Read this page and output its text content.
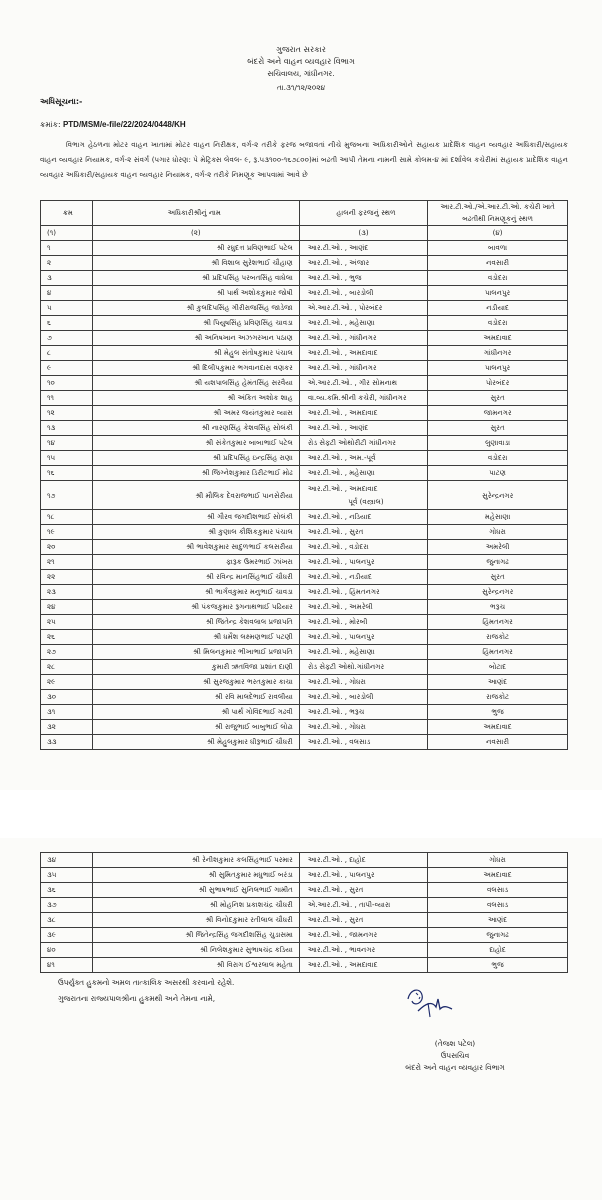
ગુજરાત સરકાર
બંદરો અને વાહન વ્યવહાર વિભાગ
સચિવાલય, ગાંધીનગર.
તા.૩૧/૧૨/૨૦૨૪
અધિસૂચના:-
ક્રમાંક: PTD/MSM/e-file/22/2024/0448/KH
વિભાગ હેઠળના મોટર વાહન ખાતામાં મોટર વાહન નિરીક્ષક, વર્ગ-૨ તરીકે ફરજ બજાવતાં નીચે મુજબના અધિકારીઓને સહાયક પ્રાદેશિક વાહન વ્યવહાર અધિકારી/સહાયક વાહન વ્યવહાર નિયામક, વર્ગ-૨ સંવર્ગ (પગાર ધોરણ: પે મેટ્રિક્સ લેવલ- ૯, રૂ.૫૩૧૦૦-૧૬૭૮૦૦)માં બઢતી આપી તેમના નામની સામે કોલમ-૪ માં દર્શાવેલ કચેરીમાં સહાયક પ્રાદેશિક વાહન વ્યવહાર અધિકારી/સહાયક વાહન વ્યવહાર નિયામક, વર્ગ-૨ તરીકે નિમણૂક આપવામાં આવે છે
ક્રમ	અધિકારીશ્રીનું નામ	હાલની ફરજનું સ્થળ	આર.ટી.ઓ./એ.આર.ટી.ઓ. કચેરી ખાતે બઢતીથી નિમણૂકનું સ્થળ
(૧)	(૨)	(૩)	(૪)
૧	શ્રી રઘુદત્ત પ્રવિણભાઈ પટેલ	આર.ટી.ઓ. , આણંદ	બાવળા
૨	શ્રી વિશાલ સુરેશભાઈ ચૌહાણ	આર.ટી.ઓ. , અંજાર	નવસારી
૩	શ્રી પ્રદિપસિંહ પરબતસિંહ વાઘેલા	આર.ટી.ઓ. , ભુજ	વડોદરા
૪	શ્રી પાર્થ અશોકકુમાર જોષી	આર.ટી.ઓ. , બારડોલી	પાલનપુર
૫	શ્રી કુલદિપસિંહ ગીરીરાજસિંહ જાડેજા	એ.આર.ટી.ઓ. , પોરબંદર	નડીયાદ
૬	શ્રી પિયુષસિંહ પ્રવિણસિંહ ચાવડા	આર.ટી.ઓ. , મહેસાણા	વડોદરા
૭	શ્રી અનિષખાન અઝગરખાન પઠાણ	આર.ટી.ઓ. , ગાંધીનગર	અમદાવાદ
૮	શ્રી મેહુલ સંતોષકુમાર પંચાલ	આર.ટી.ઓ. , અમદાવાદ	ગાંધીનગર
૯	શ્રી દિલીપકુમાર ભગવાનદાસ વણકર	આર.ટી.ઓ. , ગાંધીનગર	પાલનપુર
૧૦	શ્રી યશપાલસિંહ હેમંતસિંહ સરવૈયા	એ.આર.ટી.ઓ. , ગીર સોમનાથ	પોરબંદર
૧૧	શ્રી અંકિત અશોક શાહ	વા.વ્ય.કમિ.શ્રીની કચેરી, ગાંધીનગર	સુરત
૧૨	શ્રી અમર જયંતકુમાર વ્યાસ	આર.ટી.ઓ. , અમદાવાદ	જામનગર
૧૩	શ્રી નારણસિંહ કેશવસિંહ સોલંકી	આર.ટી.ઓ. , આણંદ	સુરત
૧૪	શ્રી સંકેતકુમાર બાબાભાઈ પટેલ	રોડ સેફ્ટી ઓથોરીટી ગાંધીનગર	લુણાવાડા
૧૫	શ્રી પ્રદિપસિંહ ઇન્દ્રસિંહ રાણા	આર.ટી.ઓ. , અમ.-પૂર્વ	વડોદરા
૧૬	શ્રી જિગ્નેશકુમાર ડિરીટભાઈ મોઢ	આર.ટી.ઓ. , મહેસાણા	પાટણ
૧૭	શ્રી મૌલિક દેવરાજભાઈ પાનસેરીયા	આર.ટી.ઓ. , અમદાવાદ
પૂર્વ (વસ્ત્રાલ)	સુરેન્દ્રનગર
૧૮	શ્રી ગૌરવ જગદીશભાઈ સોલંકી	આર.ટી.ઓ. , નડિયાદ	મહેસાણા
૧૯	શ્રી કુણાલ કૌશિકકુમાર પંચાલ	આર.ટી.ઓ. , સુરત	ગોધરા
૨૦	શ્રી ભાવેશકુમાર સાદુળભાઈ કલસરીયા	આર.ટી.ઓ. , વડોદરા	અમરેલી
૨૧	ફારૂક ઉમરભાઈ ઝાંખરા	આર.ટી.ઓ. , પાલનપુર	જુનાગઢ
૨૨	શ્રી રવિન્દ્ર માનસિંહભાઈ ચૌધરી	આર.ટી.ઓ. , નડીયાદ	સુરત
૨૩	શ્રી ભાર્ગવકુમાર મનુભાઈ ચાવડા	આર.ટી.ઓ. , હિંમતનગર	સુરેન્દ્રનગર
૨૪	શ્રી પંકજકુમાર રૂગનાથભાઈ પઢિયાર	આર.ટી.ઓ. , અમરેલી	ભરૂચ
૨૫	શ્રી જિતેન્દ્ર કેશવલાલ પ્રજાપતિ	આર.ટી.ઓ. , મોરબી	હિંમતનગર
૨૬	શ્રી ધર્મેશ લક્ષ્મણભાઈ પટણી	આર.ટી.ઓ. , પાલનપુર	રાજકોટ
૨૭	શ્રી મિલનકુમાર ભીખાભાઈ પ્રજાપતિ	આર.ટી.ઓ. , મહેસાણા	હિંમતનગર
૨૮	કુમારી ઋતવિજા પ્રશાંત દાણી	રોડ સેફ્ટી ઓથો.ગાંધીનગર	બોટાદ
૨૯	શ્રી સુરજકુમાર ભરતકુમાર કાચા	આર.ટી.ઓ. , ગોધરા	આણંદ
૩૦	શ્રી રવિ માલદેભાઈ રાવલીયા	આર.ટી.ઓ. , બારડોલી	રાજકોટ
૩૧	શ્રી પાર્થ ગોવિંદભાઈ ગઢવી	આર.ટી.ઓ. , ભરૂચ	ભુજ
૩૨	શ્રી રાજુભાઈ બાબુભાઈ લોઢા	આર.ટી.ઓ. , ગોધરા	અમદાવાદ
૩૩	શ્રી મેહુલકુમાર ધીરૂભાઈ ચૌધરી	આર.ટી.ઓ. , વલસાડ	નવસારી
૩૪	શ્રી રેનીશકુમાર કલસિંહભાઈ પરમાર	આર.ટી.ઓ. , દાહોદ	ગોધરા
૩૫	શ્રી સુમિતકુમાર મધુભાઈ બરંડા	આર.ટી.ઓ. , પાલનપુર	અમદાવાદ
૩૬	શ્રી સુભાષભાઈ સુનિલભાઈ ગામીત	આર.ટી.ઓ. , સુરત	વલસાડ
૩૭	શ્રી મોહનિશ પ્રકાશચંદ્ર ચૌધરી	એ.આર.ટી.ઓ. , તાપી-વ્યારા	વલસાડ
૩૮	શ્રી વિનોદકુમાર રતીલાલ ચૌધરી	આર.ટી.ઓ. , સુરત	આણંદ
૩૯	શ્રી જિતેન્દ્રસિંહ જગદીશસિંહ ચુડાસમા	આર.ટી.ઓ. , જામનગર	જુનાગઢ
૪૦	શ્રી નિલેશકુમાર સુભાષચંદ્ર કડિયા	આર.ટી.ઓ. , ભાવનગર	દાહોદ
૪૧	શ્રી વિરાગ ઈશ્વરલાલ મહેતા	આર.ટી.ઓ. , અમદાવાદ	ભુજ
ઉપર્યુક્ત હુકમનો અમલ તાત્કાલિક અસરથી કરવાનો રહેશે.
ગુજરાતના રાજ્યપાલશ્રીના હુકમથી અને તેમના નામે,
(તેજશ પટેલ)
ઉપસચિવ
બંદરો અને વાહન વ્યવહાર વિભાગ
